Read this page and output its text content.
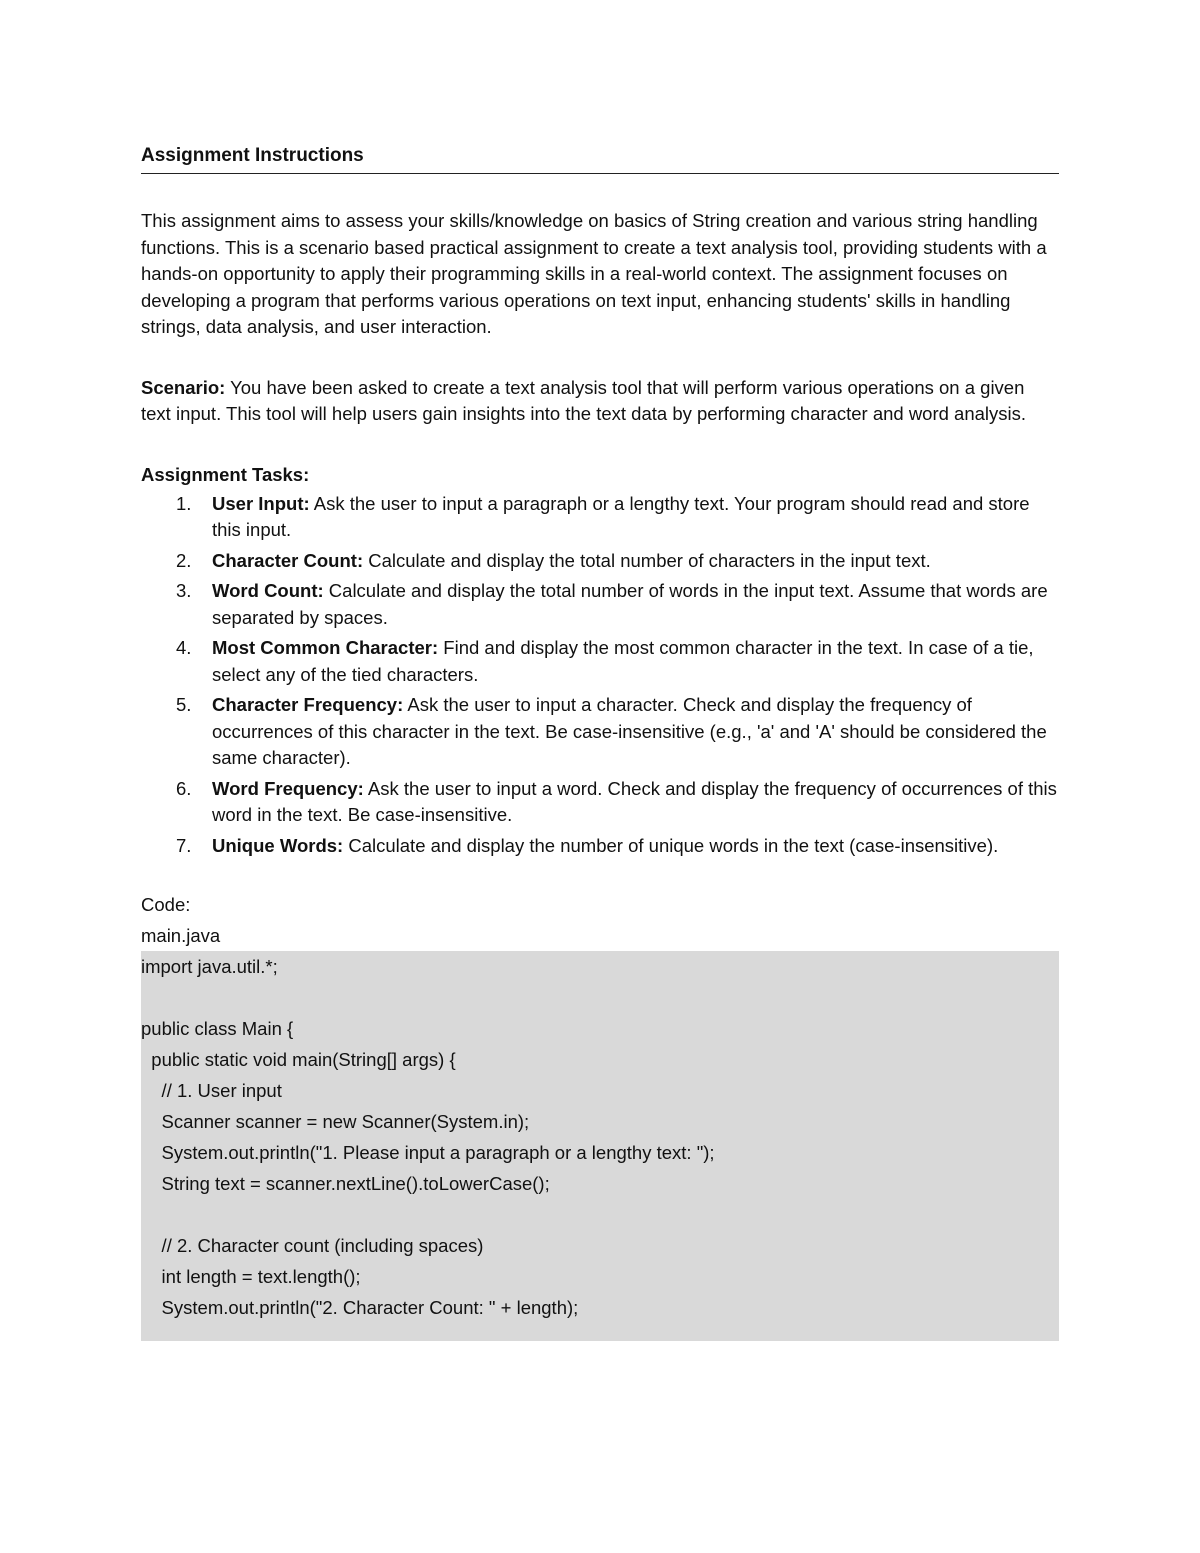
Assignment Instructions

This assignment aims to assess your skills/knowledge on basics of String creation and various string handling functions. This is a scenario based practical assignment to create a text analysis tool, providing students with a hands-on opportunity to apply their programming skills in a real-world context. The assignment focuses on developing a program that performs various operations on text input, enhancing students' skills in handling strings, data analysis, and user interaction.

Scenario: You have been asked to create a text analysis tool that will perform various operations on a given text input. This tool will help users gain insights into the text data by performing character and word analysis.

Assignment Tasks:
1. User Input: Ask the user to input a paragraph or a lengthy text. Your program should read and store this input.
2. Character Count: Calculate and display the total number of characters in the input text.
3. Word Count: Calculate and display the total number of words in the input text. Assume that words are separated by spaces.
4. Most Common Character: Find and display the most common character in the text. In case of a tie, select any of the tied characters.
5. Character Frequency: Ask the user to input a character. Check and display the frequency of occurrences of this character in the text. Be case-insensitive (e.g., 'a' and 'A' should be considered the same character).
6. Word Frequency: Ask the user to input a word. Check and display the frequency of occurrences of this word in the text. Be case-insensitive.
7. Unique Words: Calculate and display the number of unique words in the text (case-insensitive).
Code:
main.java
import java.util.*;
public class Main {
public static void main(String[] args) {
// 1. User input
Scanner scanner = new Scanner(System.in);
System.out.println("1. Please input a paragraph or a lengthy text: ");
String text = scanner.nextLine().toLowerCase();
// 2. Character count (including spaces)
int length = text.length();
System.out.println("2. Character Count: " + length);
